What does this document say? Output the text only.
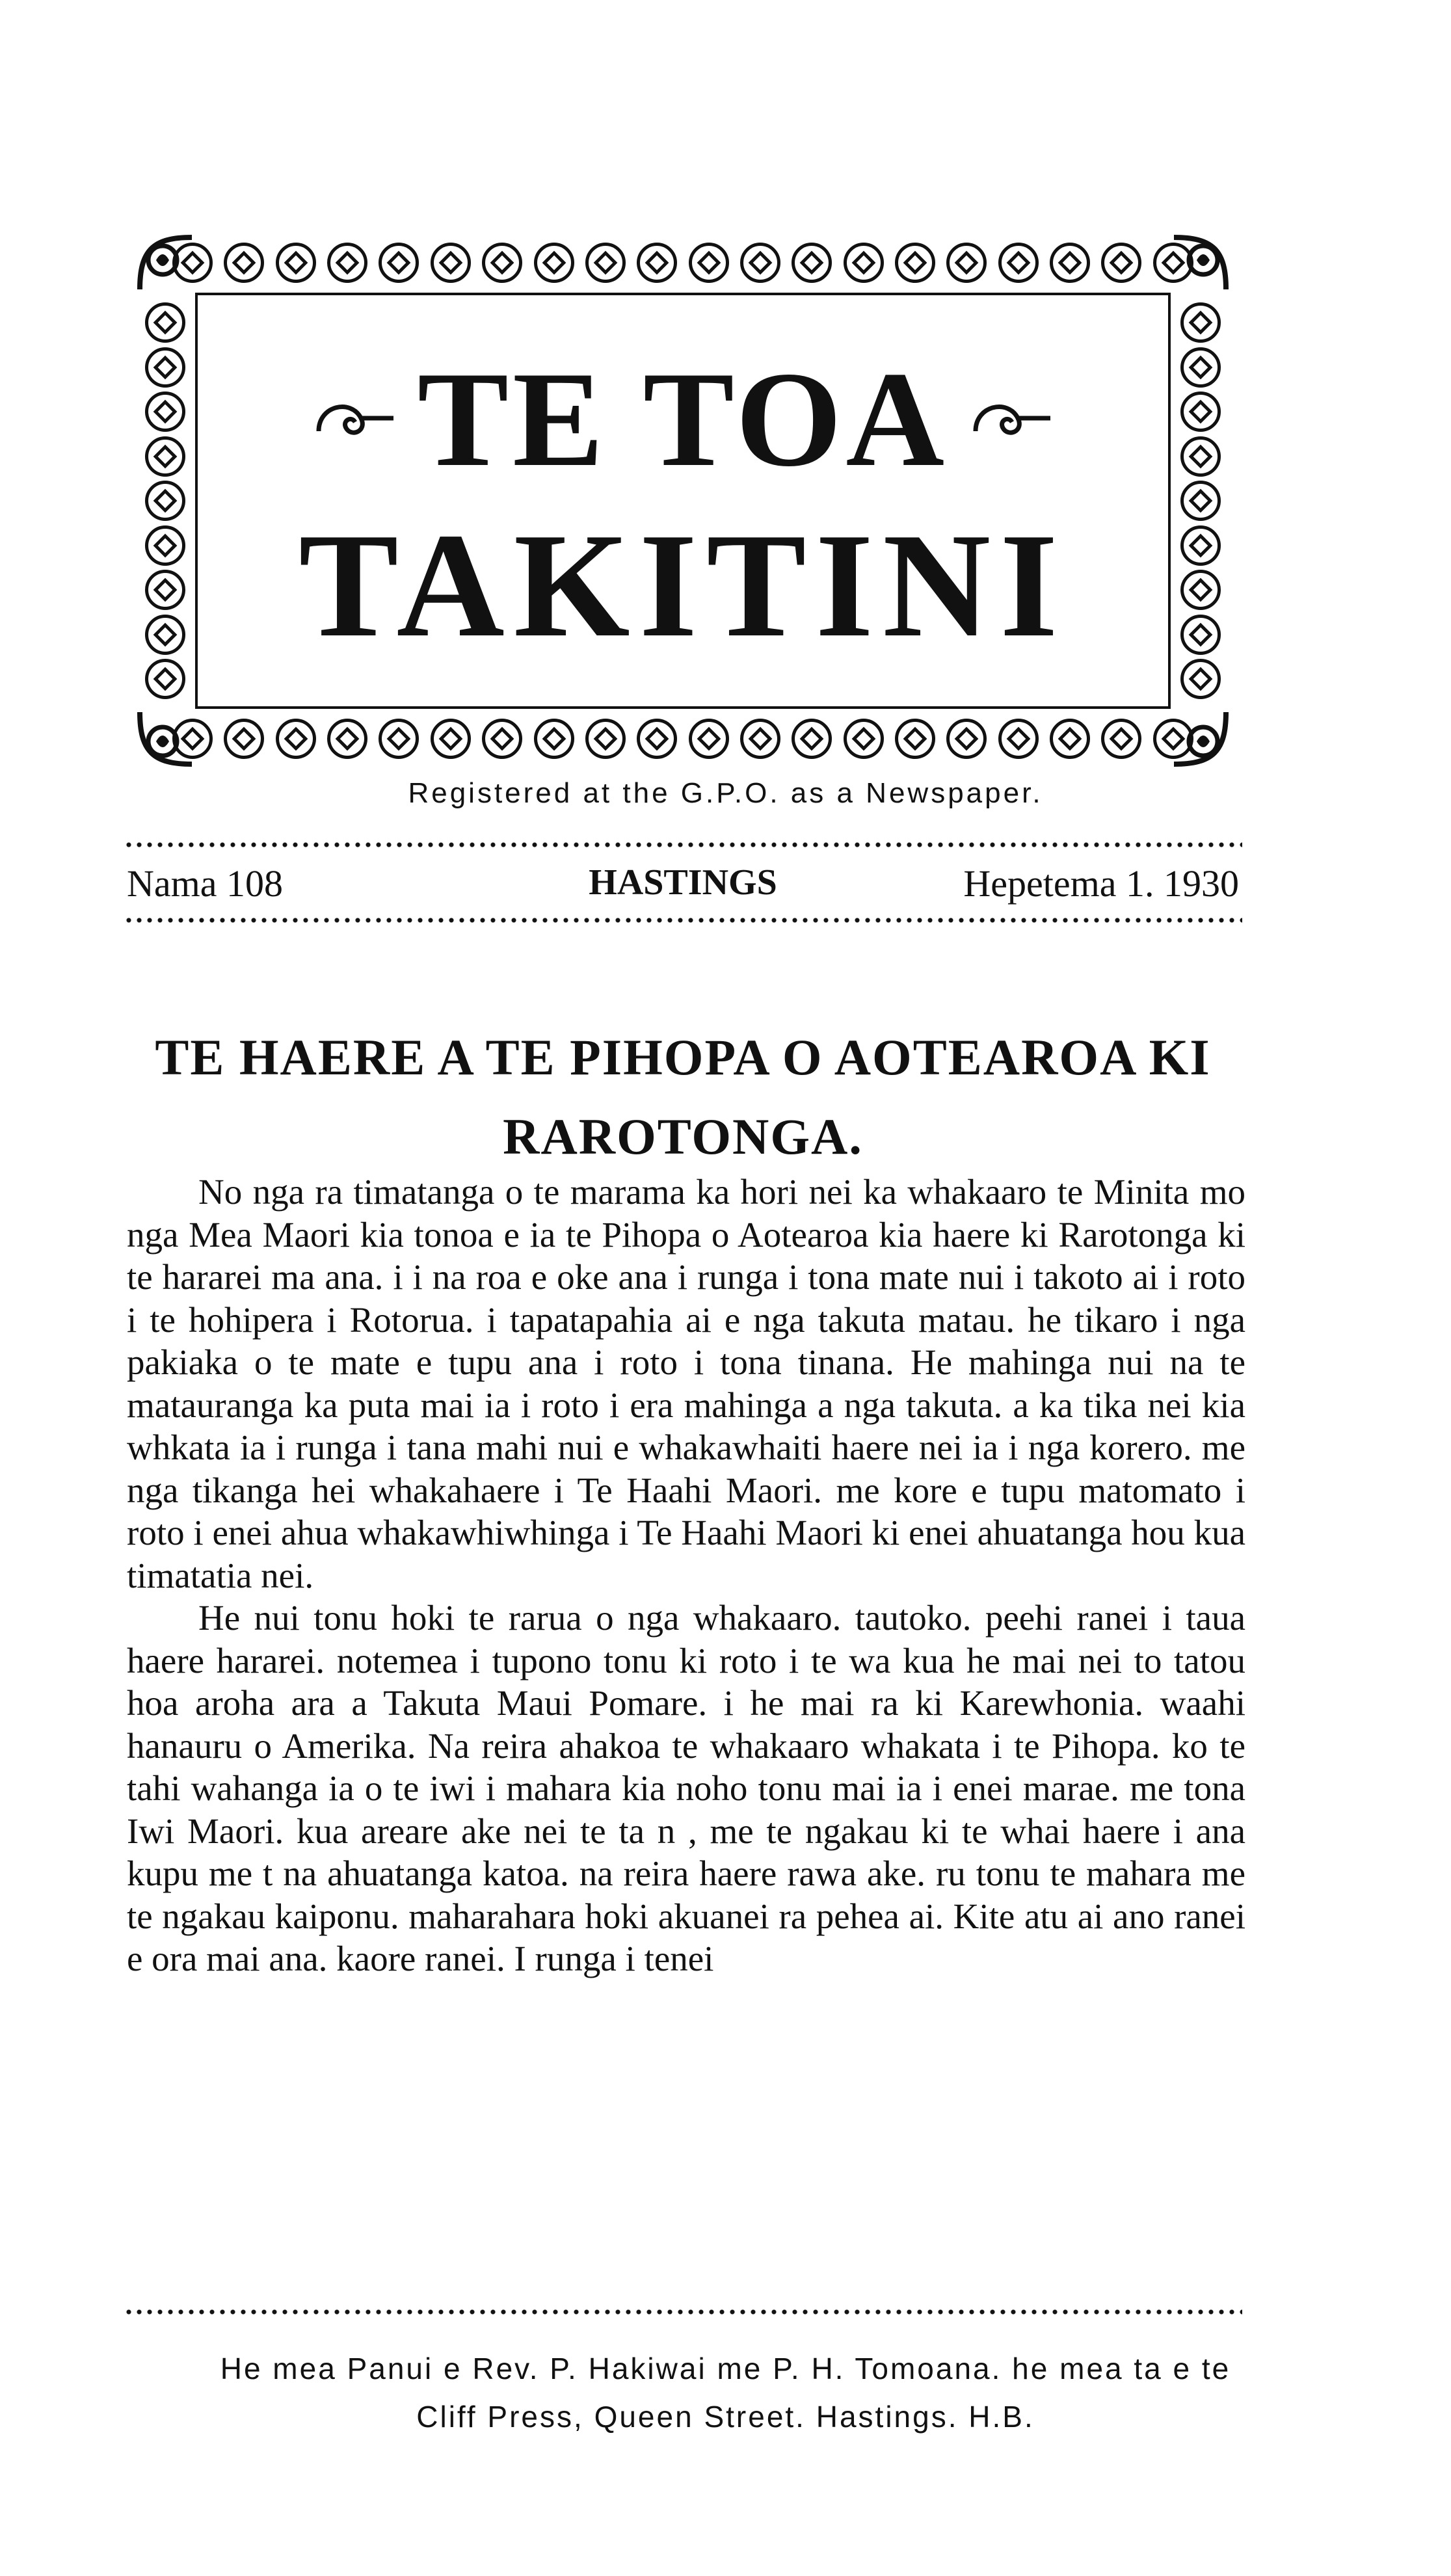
TE TOA
TAKITINI
Registered at the G.P.O. as a Newspaper.
Nama 108	HASTINGS	Hepetema 1. 1930
TE HAERE A TE PIHOPA O AOTEAROA KI RAROTONGA.

No nga ra timatanga o te marama ka hori nei ka whakaaro te Minita mo nga Mea Maori kia tonoa e ia te Pihopa o Aotearoa kia haere ki Rarotonga ki te hararei ma ana. i i na roa e oke ana i runga i tona mate nui i takoto ai i roto i te hohipera i Rotorua. i tapatapahia ai e nga takuta matau. he tikaro i nga pakiaka o te mate e tupu ana i roto i tona tinana. He mahinga nui na te matauranga ka puta mai ia i roto i era mahinga a nga takuta. a ka tika nei kia whkata ia i runga i tana mahi nui e whakawhaiti haere nei ia i nga korero. me nga tikanga hei whakahaere i Te Haahi Maori. me kore e tupu matomato i roto i enei ahua whakawhiwhinga i Te Haahi Maori ki enei ahuatanga hou kua timatatia nei.

He nui tonu hoki te rarua o nga whakaaro. tautoko. peehi ranei i taua haere hararei. notemea i tupono tonu ki roto i te wa kua he mai nei to tatou hoa aroha ara a Takuta Maui Pomare. i he mai ra ki Karewhonia. waahi hanauru o Amerika. Na reira ahakoa te whakaaro whakata i te Pihopa. ko te tahi wahanga ia o te iwi i mahara kia noho tonu mai ia i enei marae. me tona Iwi Maori. kua areare ake nei te ta n , me te ngakau ki te whai haere i ana kupu me t na ahuatanga katoa. na reira haere rawa ake. ru tonu te mahara me te ngakau kaiponu. maharahara hoki akuanei ra pehea ai. Kite atu ai ano ranei e ora mai ana. kaore ranei. I runga i tenei

He mea Panui e Rev. P. Hakiwai me P. H. Tomoana. he mea ta e te
Cliff Press, Queen Street. Hastings. H.B.
